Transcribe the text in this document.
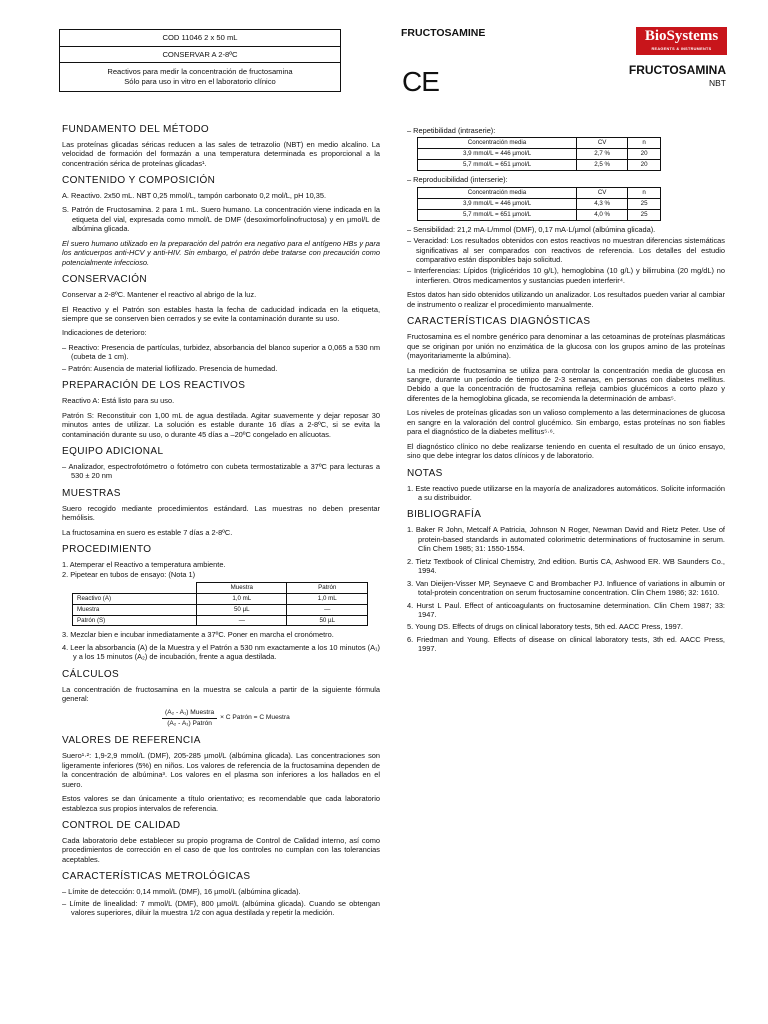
COD 11046 2 x 50 mL
CONSERVAR A 2-8ºC
Reactivos para medir la concentración de fructosamina
Sólo para uso in vitro en el laboratorio clínico
FRUCTOSAMINE
CE
BioSystems
REAGENTS & INSTRUMENTS
FRUCTOSAMINA
NBT
FUNDAMENTO DEL MÉTODO

Las proteínas glicadas séricas reducen a las sales de tetrazolio (NBT) en medio alcalino. La velocidad de formación del formazán a una temperatura determinada es proporcional a la concentración sérica de proteínas glicadas¹.

CONTENIDO Y COMPOSICIÓN

A. Reactivo. 2x50 mL. NBT 0,25 mmol/L, tampón carbonato 0,2 mol/L, pH 10,35.

S. Patrón de Fructosamina. 2 para 1 mL. Suero humano. La concentración viene indicada en la etiqueta del vial, expresada como mmol/L de DMF (desoximorfolinofructosa) y en µmol/L de albúmina glicada.

El suero humano utilizado en la preparación del patrón era negativo para el antígeno HBs y para los anticuerpos anti-HCV y anti-HIV. Sin embargo, el patrón debe tratarse con precaución como potencialmente infeccioso.

CONSERVACIÓN

Conservar a 2-8ºC. Mantener el reactivo al abrigo de la luz.

El Reactivo y el Patrón son estables hasta la fecha de caducidad indicada en la etiqueta, siempre que se conserven bien cerrados y se evite la contaminación durante su uso.

Indicaciones de deterioro:

– Reactivo: Presencia de partículas, turbidez, absorbancia del blanco superior a 0,065 a 530 nm (cubeta de 1 cm).
– Patrón: Ausencia de material liofilizado. Presencia de humedad.
PREPARACIÓN DE LOS REACTIVOS

Reactivo A: Está listo para su uso.

Patrón S: Reconstituir con 1,00 mL de agua destilada. Agitar suavemente y dejar reposar 30 minutos antes de utilizar. La solución es estable durante 16 días a 2-8ºC, si se evita la contaminación durante su uso, o durante 45 días a –20ºC congelado en alícuotas.

EQUIPO ADICIONAL
– Analizador, espectrofotómetro o fotómetro con cubeta termostatizable a 37ºC para lecturas a 530 ± 20 nm
MUESTRAS

Suero recogido mediante procedimientos estándard. Las muestras no deben presentar hemólisis.

La fructosamina en suero es estable 7 días a 2-8ºC.

PROCEDIMIENTO
1. Atemperar el Reactivo a temperatura ambiente.
2. Pipetear en tubos de ensayo: (Nota 1)
	Muestra	Patrón
Reactivo (A)	1,0 mL	1,0 mL
Muestra	50 µL	—
Patrón (S)	—	50 µL
3. Mezclar bien e incubar inmediatamente a 37ºC. Poner en marcha el cronómetro.
4. Leer la absorbancia (A) de la Muestra y el Patrón a 530 nm exactamente a los 10 minutos (A₁) y a los 15 minutos (A₂) de incubación, frente a agua destilada.
CÁLCULOS

La concentración de fructosamina en la muestra se calcula a partir de la siguiente fórmula general:

(A₂ - A₁) Muestra
(A₂ - A₁) Patrón
× C Patrón = C Muestra
VALORES DE REFERENCIA

Suero¹·²: 1,9-2,9 mmol/L (DMF), 205-285 µmol/L (albúmina glicada). Las concentraciones son ligeramente inferiores (5%) en niños. Los valores de referencia de la fructosamina dependen de la concentración de albúmina³. Los valores en el plasma son inferiores a los hallados en el suero.

Estos valores se dan únicamente a título orientativo; es recomendable que cada laboratorio establezca sus propios intervalos de referencia.

CONTROL DE CALIDAD

Cada laboratorio debe establecer su propio programa de Control de Calidad interno, así como procedimientos de corrección en el caso de que los controles no cumplan con las tolerancias aceptables.

CARACTERÍSTICAS METROLÓGICAS
– Límite de detección: 0,14 mmol/L (DMF), 16 µmol/L (albúmina glicada).
– Límite de linealidad: 7 mmol/L (DMF), 800 µmol/L (albúmina glicada). Cuando se obtengan valores superiores, diluir la muestra 1/2 con agua destilada y repetir la medición.
– Repetibilidad (intraserie):
Concentración media	CV	n
3,9 mmol/L = 446 µmol/L	2,7 %	20
5,7 mmol/L = 651 µmol/L	2,5 %	20
– Reproducibilidad (interserie):
Concentración media	CV	n
3,9 mmol/L = 446 µmol/L	4,3 %	25
5,7 mmol/L = 651 µmol/L	4,0 %	25
– Sensibilidad: 21,2 mA·L/mmol (DMF), 0,17 mA·L/µmol (albúmina glicada).
– Veracidad: Los resultados obtenidos con estos reactivos no muestran diferencias sistemáticas significativas al ser comparados con reactivos de referencia. Los detalles del estudio comparativo están disponibles bajo solicitud.
– Interferencias: Lípidos (triglicéridos 10 g/L), hemoglobina (10 g/L) y bilirrubina (20 mg/dL) no interfieren. Otros medicamentos y sustancias pueden interferir⁴.

Estos datos han sido obtenidos utilizando un analizador. Los resultados pueden variar al cambiar de instrumento o realizar el procedimiento manualmente.

CARACTERÍSTICAS DIAGNÓSTICAS

Fructosamina es el nombre genérico para denominar a las cetoaminas de proteínas plasmáticas que se originan por unión no enzimática de la glucosa con los grupos amino de las proteínas (mayoritariamente la albúmina).

La medición de fructosamina se utiliza para controlar la concentración media de glucosa en sangre, durante un período de tiempo de 2-3 semanas, en personas con diabetes mellitus. Debido a que la concentración de fructosamina refleja cambios glucémicos a corto plazo y diferentes de la hemoglobina glicada, se recomienda la determinación de ambas⁵.

Los niveles de proteínas glicadas son un valioso complemento a las determinaciones de glucosa en sangre en la valoración del control glucémico. Sin embargo, estas proteínas no son fiables para el diagnóstico de la diabetes mellitus⁵·⁶.

El diagnóstico clínico no debe realizarse teniendo en cuenta el resultado de un único ensayo, sino que debe integrar los datos clínicos y de laboratorio.

NOTAS
1. Este reactivo puede utilizarse en la mayoría de analizadores automáticos. Solicite información a su distribuidor.
BIBLIOGRAFÍA
1. Baker R John, Metcalf A Patricia, Johnson N Roger, Newman David and Rietz Peter. Use of protein-based standards in automated colorimetric determinations of fructosamine in serum. Clin Chem 1985; 31: 1550-1554.
2. Tietz Textbook of Clinical Chemistry, 2nd edition. Burtis CA, Ashwood ER. WB Saunders Co., 1994.
3. Van Dieijen-Visser MP, Seynaeve C and Brombacher PJ. Influence of variations in albumin or total-protein concentration on serum fructosamine concentration. Clin Chem 1986; 32: 1610.
4. Hurst L Paul. Effect of anticoagulants on fructosamine determination. Clin Chem 1987; 33: 1947.
5. Young DS. Effects of drugs on clinical laboratory tests, 5th ed. AACC Press, 1997.
6. Friedman and Young. Effects of disease on clinical laboratory tests, 3th ed. AACC Press, 1997.
